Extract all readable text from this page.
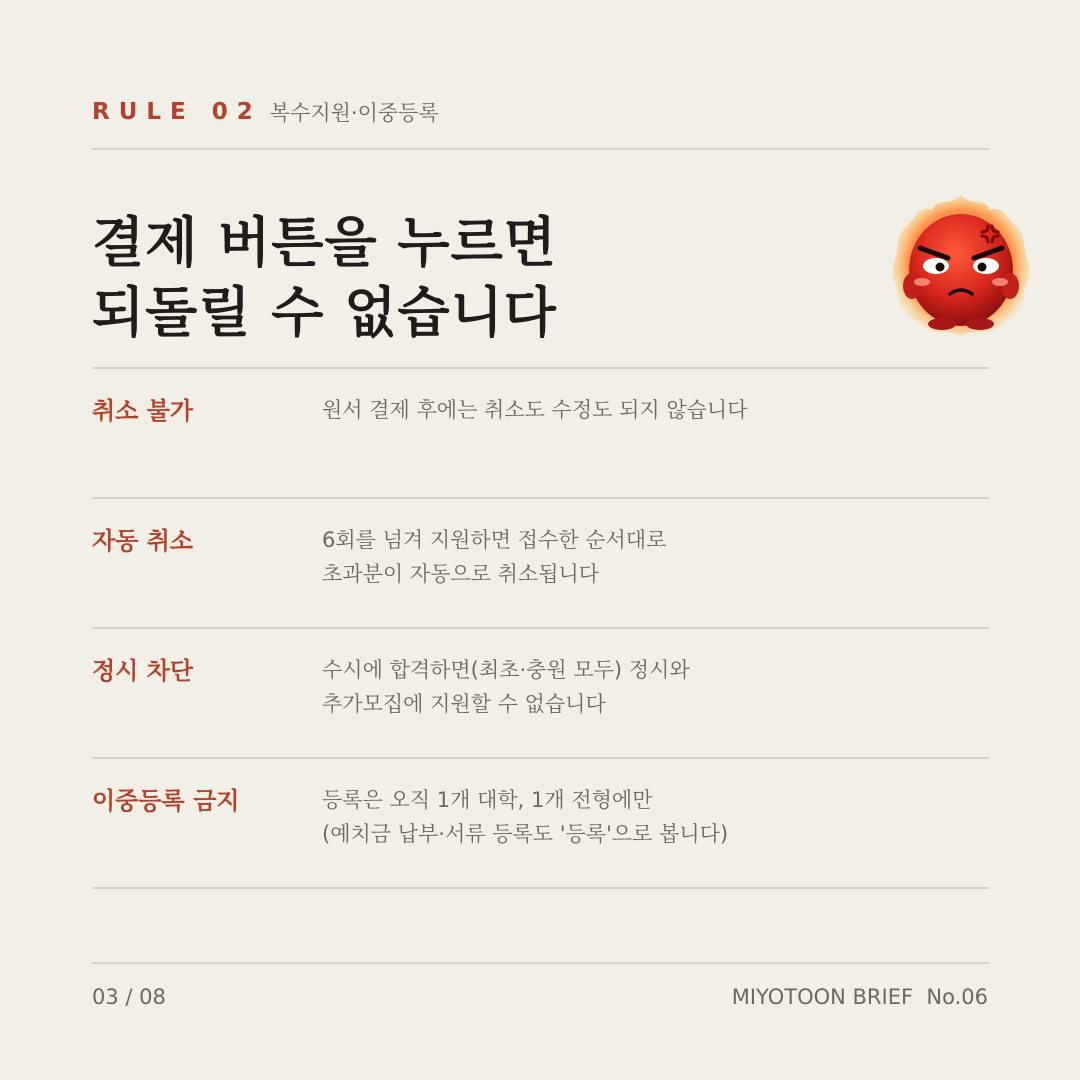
RULE 02 복수지원·이중등록
결제 버튼을 누르면
되돌릴 수 없습니다
취소 불가	원서 결제 후에는 취소도 수정도 되지 않습니다
자동 취소	6회를 넘겨 지원하면 접수한 순서대로
초과분이 자동으로 취소됩니다
정시 차단	수시에 합격하면(최초·충원 모두) 정시와
추가모집에 지원할 수 없습니다
이중등록 금지	등록은 오직 1개 대학, 1개 전형에만
(예치금 납부·서류 등록도 '등록'으로 봅니다)
03 / 08	MIYOTOON BRIEF  No.06
